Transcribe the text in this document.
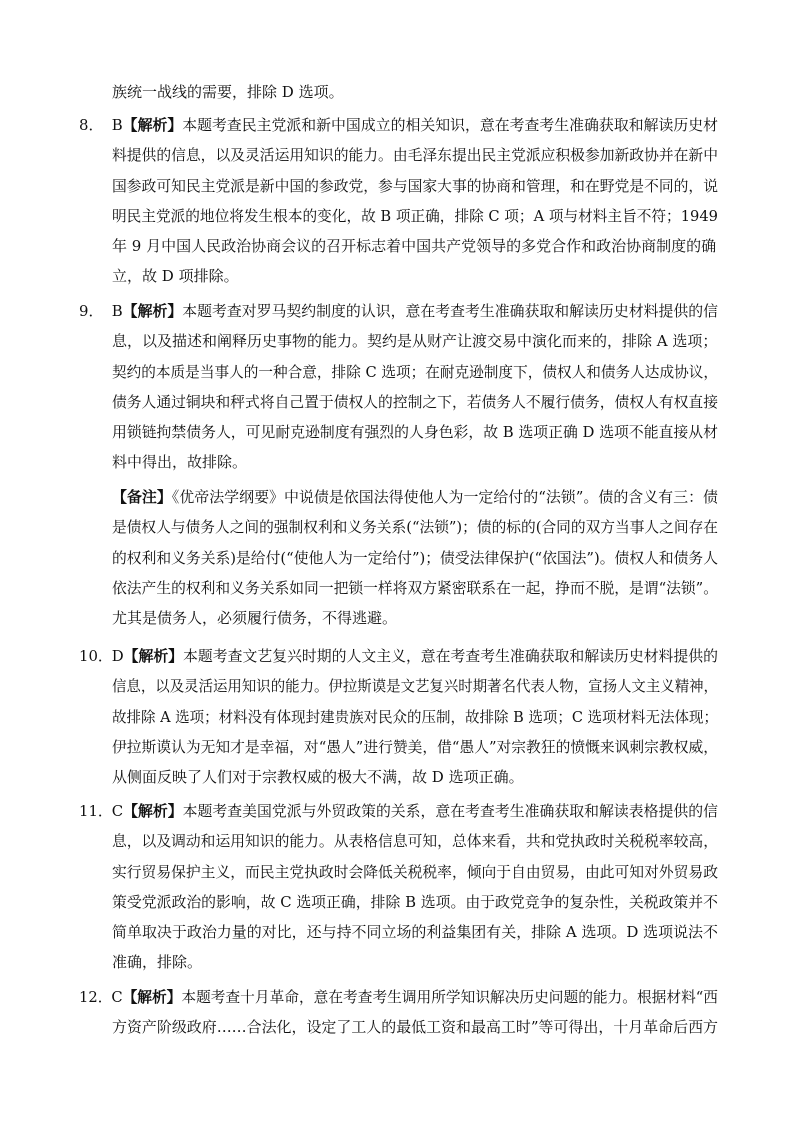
族统一战线的需要，排除 D 选项。
8． B【解析】本题考查民主党派和新中国成立的相关知识，意在考查考生准确获取和解读历史材
料提供的信息，以及灵活运用知识的能力。由毛泽东提出民主党派应积极参加新政协并在新中
国参政可知民主党派是新中国的参政党，参与国家大事的协商和管理，和在野党是不同的，说
明民主党派的地位将发生根本的变化，故 B 项正确，排除 C 项；A 项与材料主旨不符；1949
年 9 月中国人民政治协商会议的召开标志着中国共产党领导的多党合作和政治协商制度的确
立，故 D 项排除。
9． B【解析】本题考查对罗马契约制度的认识，意在考查考生准确获取和解读历史材料提供的信
息，以及描述和阐释历史事物的能力。契约是从财产让渡交易中演化而来的，排除 A 选项；
契约的本质是当事人的一种合意，排除 C 选项；在耐克逊制度下，债权人和债务人达成协议，
债务人通过铜块和秤式将自己置于债权人的控制之下，若债务人不履行债务，债权人有权直接
用锁链拘禁债务人，可见耐克逊制度有强烈的人身色彩，故 B 选项正确 D 选项不能直接从材
料中得出，故排除。
【备注】《优帝法学纲要》中说债是依国法得使他人为一定给付的“法锁”。债的含义有三：债
是债权人与债务人之间的强制权利和义务关系(“法锁”)；债的标的(合同的双方当事人之间存在
的权利和义务关系)是给付(“使他人为一定给付”)；债受法律保护(“依国法”)。债权人和债务人
依法产生的权利和义务关系如同一把锁一样将双方紧密联系在一起，挣而不脱，是谓“法锁”。
尤其是债务人，必须履行债务，不得逃避。
10．D【解析】本题考查文艺复兴时期的人文主义，意在考查考生准确获取和解读历史材料提供的
信息，以及灵活运用知识的能力。伊拉斯谟是文艺复兴时期著名代表人物，宣扬人文主义精神，
故排除 A 选项；材料没有体现封建贵族对民众的压制，故排除 B 选项；C 选项材料无法体现；
伊拉斯谟认为无知才是幸福，对“愚人”进行赞美，借“愚人”对宗教狂的愤慨来讽刺宗教权威，
从侧面反映了人们对于宗教权威的极大不满，故 D 选项正确。
11．C【解析】本题考查美国党派与外贸政策的关系，意在考查考生准确获取和解读表格提供的信
息，以及调动和运用知识的能力。从表格信息可知，总体来看，共和党执政时关税税率较高，
实行贸易保护主义，而民主党执政时会降低关税税率，倾向于自由贸易，由此可知对外贸易政
策受党派政治的影响，故 C 选项正确，排除 B 选项。由于政党竞争的复杂性，关税政策并不
简单取决于政治力量的对比，还与持不同立场的利益集团有关，排除 A 选项。D 选项说法不
准确，排除。
12．C【解析】本题考查十月革命，意在考查考生调用所学知识解决历史问题的能力。根据材料“西
方资产阶级政府……合法化，设定了工人的最低工资和最高工时”等可得出，十月革命后西方
